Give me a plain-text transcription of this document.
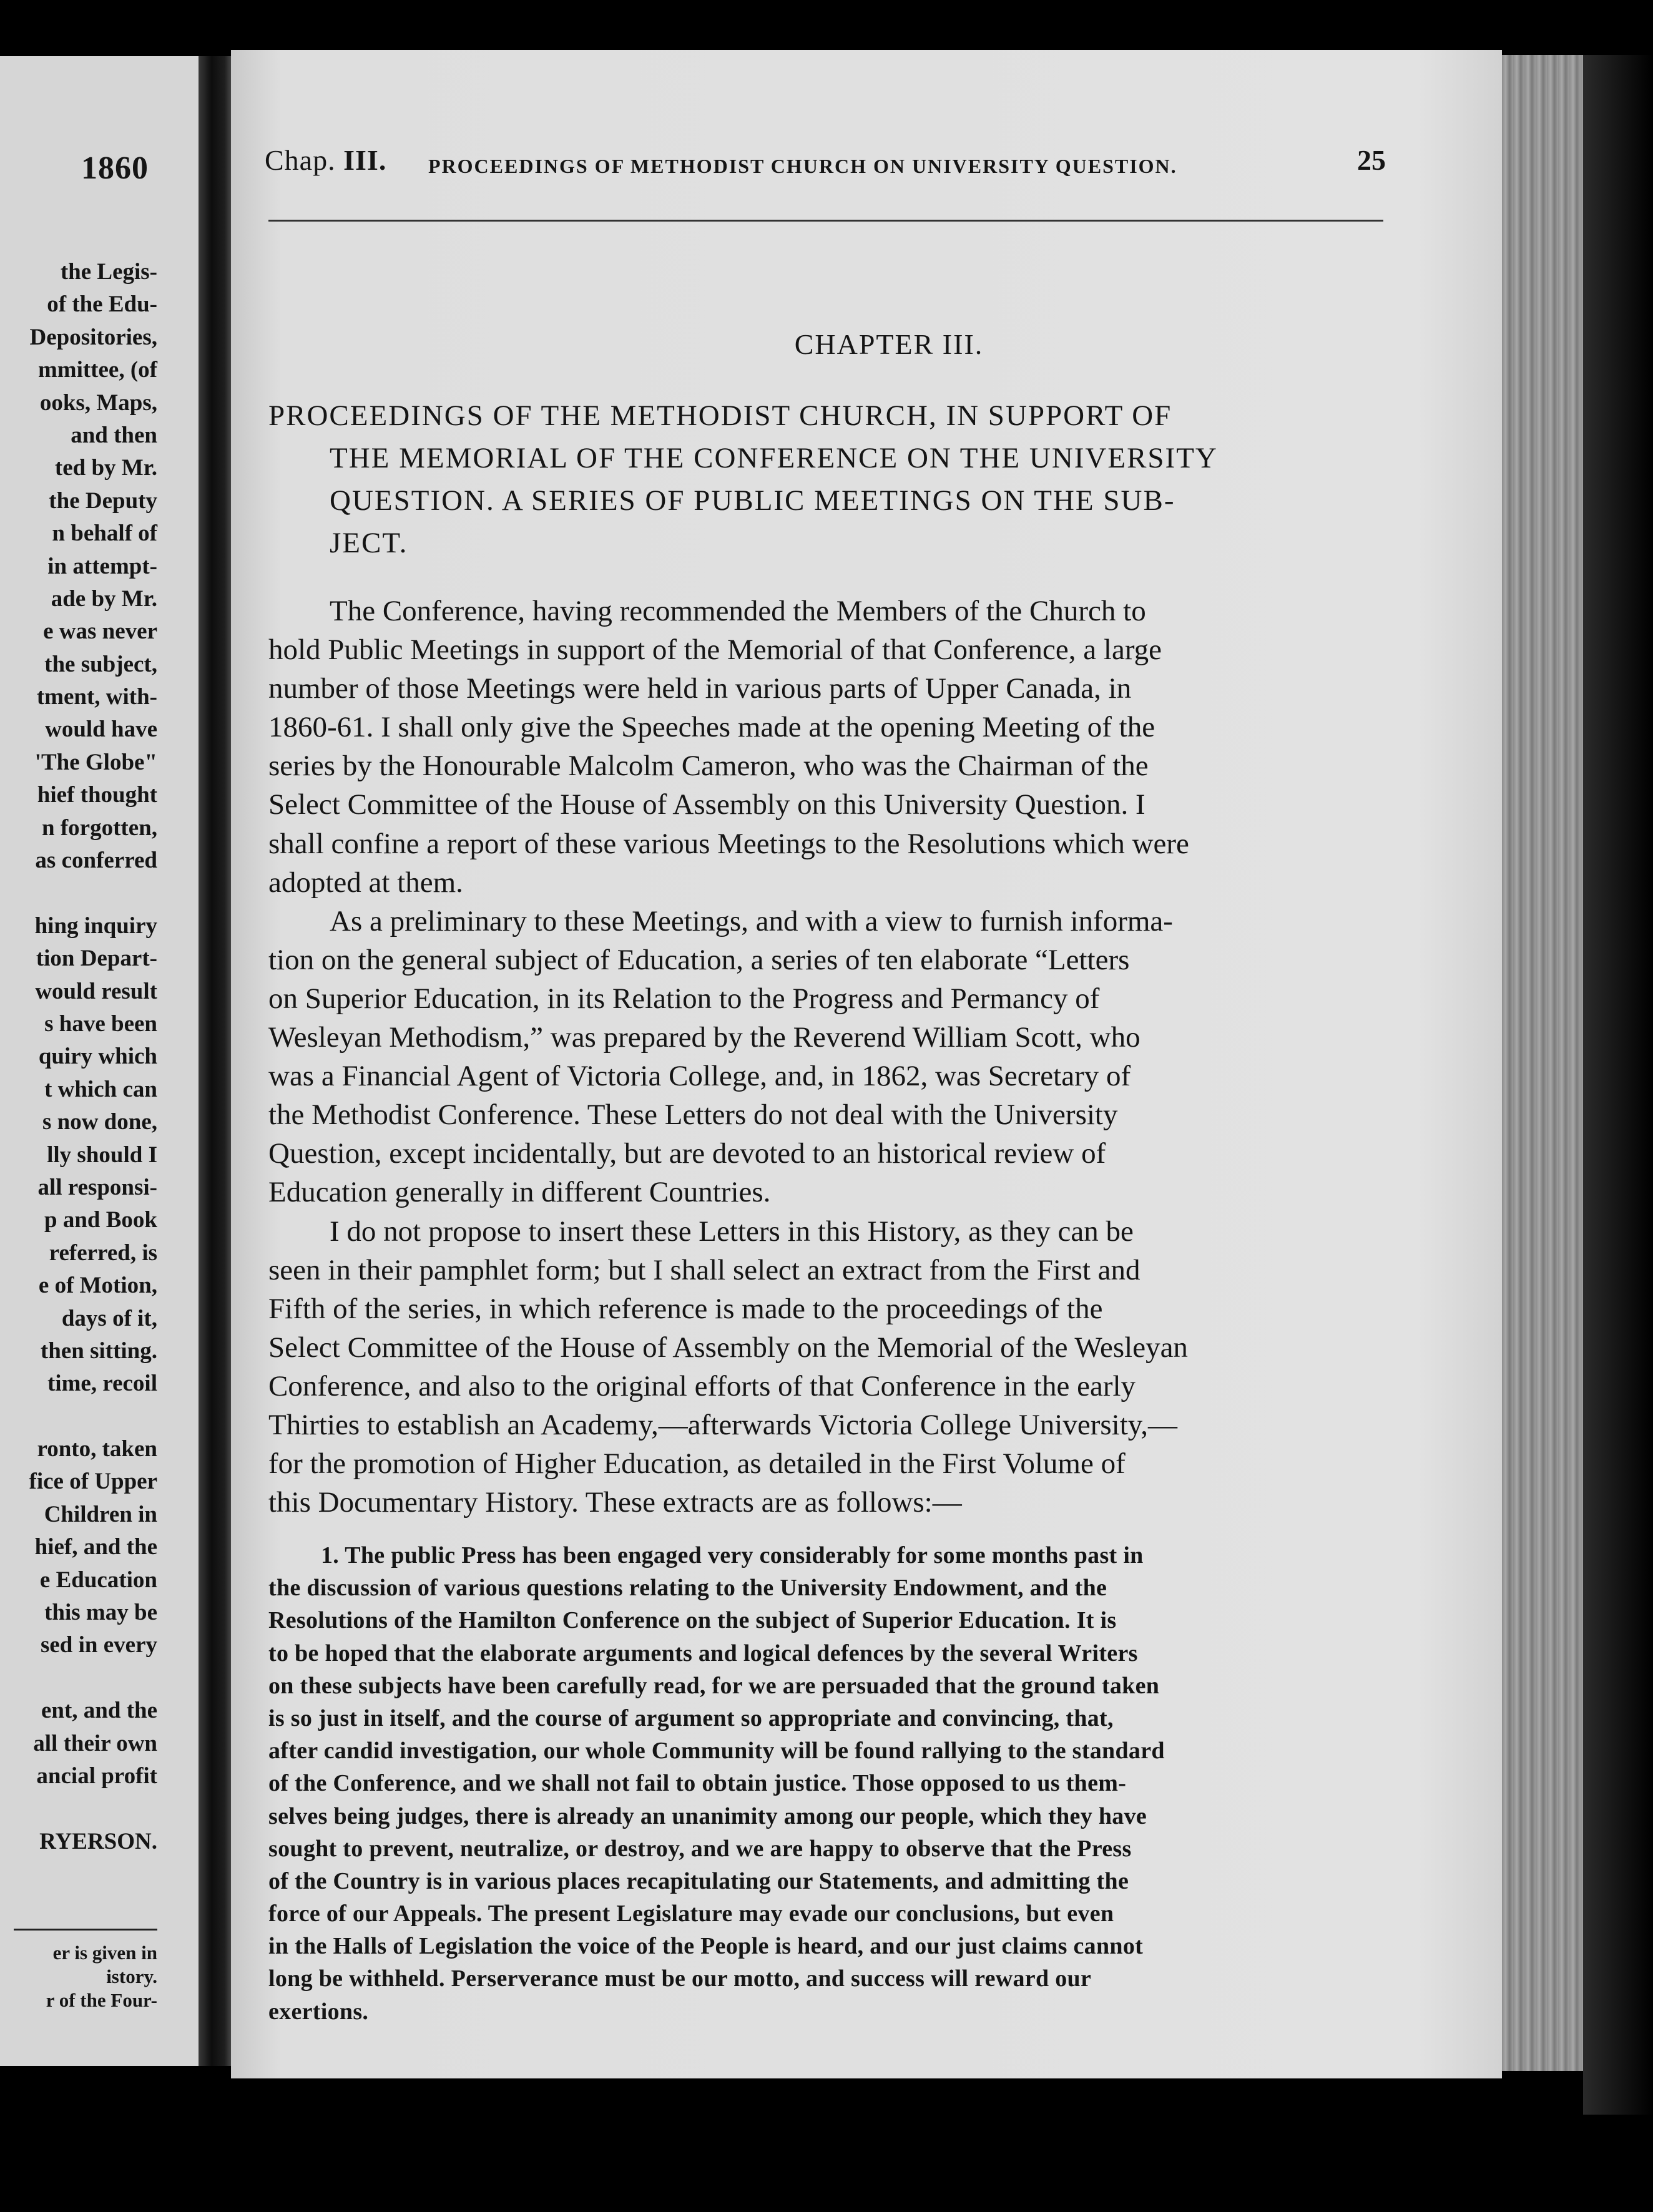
1860
the Legis-
of the Edu-
Depositories,
mmittee, (of
ooks, Maps,
and then
ted by Mr.
the Deputy
n behalf of
in attempt-
ade by Mr.
e was never
the subject,
tment, with-
would have
'The Globe"
hief thought
n forgotten,
as conferred

hing inquiry
tion Depart-
would result
s have been
quiry which
t which can
s now done,
lly should I
all responsi-
p and Book
referred, is
e of Motion,
days of it,
then sitting.
time, recoil

ronto, taken
fice of Upper
Children in
hief, and the
e Education
this may be
sed in every

ent, and the
all their own
ancial profit

RYERSON.
er is given in
istory.
r of the Four-
Chap. III. PROCEEDINGS OF METHODIST CHURCH ON UNIVERSITY QUESTION.	25
CHAPTER III.
PROCEEDINGS OF THE METHODIST CHURCH, IN SUPPORT OF
THE MEMORIAL OF THE CONFERENCE ON THE UNIVERSITY
QUESTION. A SERIES OF PUBLIC MEETINGS ON THE SUB-
JECT.
The Conference, having recommended the Members of the Church to
hold Public Meetings in support of the Memorial of that Conference, a large
number of those Meetings were held in various parts of Upper Canada, in
1860-61. I shall only give the Speeches made at the opening Meeting of the
series by the Honourable Malcolm Cameron, who was the Chairman of the
Select Committee of the House of Assembly on this University Question. I
shall confine a report of these various Meetings to the Resolutions which were
adopted at them.
As a preliminary to these Meetings, and with a view to furnish informa-
tion on the general subject of Education, a series of ten elaborate “Letters
on Superior Education, in its Relation to the Progress and Permancy of
Wesleyan Methodism,” was prepared by the Reverend William Scott, who
was a Financial Agent of Victoria College, and, in 1862, was Secretary of
the Methodist Conference. These Letters do not deal with the University
Question, except incidentally, but are devoted to an historical review of
Education generally in different Countries.
I do not propose to insert these Letters in this History, as they can be
seen in their pamphlet form; but I shall select an extract from the First and
Fifth of the series, in which reference is made to the proceedings of the
Select Committee of the House of Assembly on the Memorial of the Wesleyan
Conference, and also to the original efforts of that Conference in the early
Thirties to establish an Academy,—afterwards Victoria College University,—
for the promotion of Higher Education, as detailed in the First Volume of
this Documentary History. These extracts are as follows:—
1. The public Press has been engaged very considerably for some months past in
the discussion of various questions relating to the University Endowment, and the
Resolutions of the Hamilton Conference on the subject of Superior Education. It is
to be hoped that the elaborate arguments and logical defences by the several Writers
on these subjects have been carefully read, for we are persuaded that the ground taken
is so just in itself, and the course of argument so appropriate and convincing, that,
after candid investigation, our whole Community will be found rallying to the standard
of the Conference, and we shall not fail to obtain justice. Those opposed to us them-
selves being judges, there is already an unanimity among our people, which they have
sought to prevent, neutralize, or destroy, and we are happy to observe that the Press
of the Country is in various places recapitulating our Statements, and admitting the
force of our Appeals. The present Legislature may evade our conclusions, but even
in the Halls of Legislation the voice of the People is heard, and our just claims cannot
long be withheld. Perserverance must be our motto, and success will reward our
exertions.
